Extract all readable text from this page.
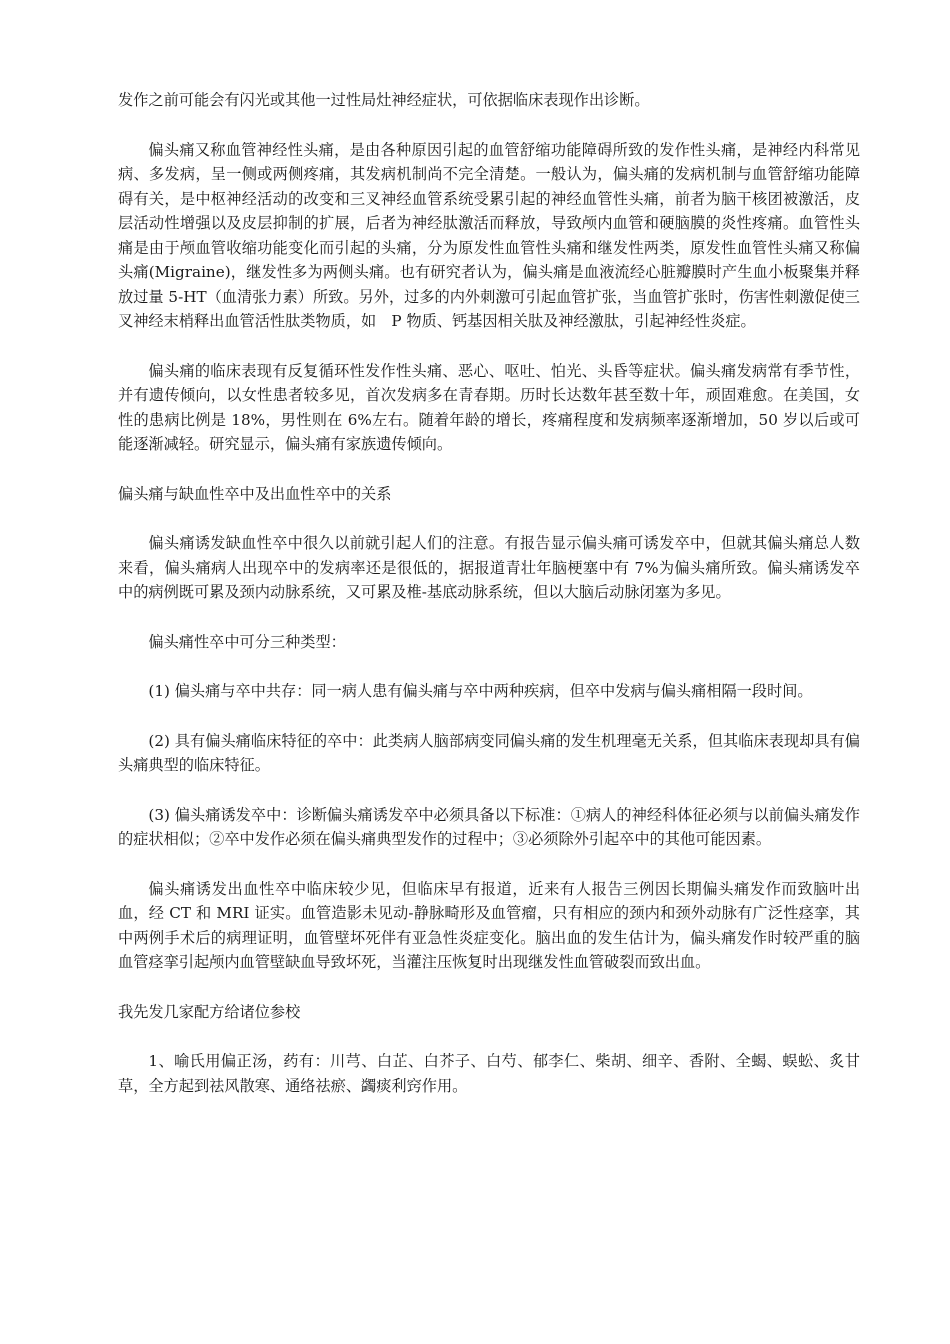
发作之前可能会有闪光或其他一过性局灶神经症状，可依据临床表现作出诊断。

偏头痛又称血管神经性头痛，是由各种原因引起的血管舒缩功能障碍所致的发作性头痛，是神经内科常见病、多发病，呈一侧或两侧疼痛，其发病机制尚不完全清楚。一般认为，偏头痛的发病机制与血管舒缩功能障碍有关，是中枢神经活动的改变和三叉神经血管系统受累引起的神经血管性头痛，前者为脑干核团被激活，皮层活动性增强以及皮层抑制的扩展，后者为神经肽激活而释放，导致颅内血管和硬脑膜的炎性疼痛。血管性头痛是由于颅血管收缩功能变化而引起的头痛，分为原发性血管性头痛和继发性两类，原发性血管性头痛又称偏头痛(Migraine)，继发性多为两侧头痛。也有研究者认为，偏头痛是血液流经心脏瓣膜时产生血小板聚集并释放过量 5-HT（血清张力素）所致。另外，过多的内外刺激可引起血管扩张，当血管扩张时，伤害性刺激促使三叉神经末梢释出血管活性肽类物质，如　P 物质、钙基因相关肽及神经激肽，引起神经性炎症。

偏头痛的临床表现有反复循环性发作性头痛、恶心、呕吐、怕光、头昏等症状。偏头痛发病常有季节性，并有遗传倾向，以女性患者较多见，首次发病多在青春期。历时长达数年甚至数十年，顽固难愈。在美国，女性的患病比例是 18%，男性则在 6%左右。随着年龄的增长，疼痛程度和发病频率逐渐增加，50 岁以后或可能逐渐减轻。研究显示，偏头痛有家族遗传倾向。

偏头痛与缺血性卒中及出血性卒中的关系

偏头痛诱发缺血性卒中很久以前就引起人们的注意。有报告显示偏头痛可诱发卒中，但就其偏头痛总人数来看，偏头痛病人出现卒中的发病率还是很低的，据报道青壮年脑梗塞中有 7%为偏头痛所致。偏头痛诱发卒中的病例既可累及颈内动脉系统，又可累及椎-基底动脉系统，但以大脑后动脉闭塞为多见。

偏头痛性卒中可分三种类型：

(1) 偏头痛与卒中共存：同一病人患有偏头痛与卒中两种疾病，但卒中发病与偏头痛相隔一段时间。

(2) 具有偏头痛临床特征的卒中：此类病人脑部病变同偏头痛的发生机理毫无关系，但其临床表现却具有偏头痛典型的临床特征。

(3) 偏头痛诱发卒中：诊断偏头痛诱发卒中必须具备以下标准：①病人的神经科体征必须与以前偏头痛发作的症状相似；②卒中发作必须在偏头痛典型发作的过程中；③必须除外引起卒中的其他可能因素。

偏头痛诱发出血性卒中临床较少见，但临床早有报道，近来有人报告三例因长期偏头痛发作而致脑叶出血，经 CT 和 MRI 证实。血管造影未见动-静脉畸形及血管瘤，只有相应的颈内和颈外动脉有广泛性痉挛，其中两例手术后的病理证明，血管壁坏死伴有亚急性炎症变化。脑出血的发生估计为，偏头痛发作时较严重的脑血管痉挛引起颅内血管壁缺血导致坏死，当灌注压恢复时出现继发性血管破裂而致出血。

我先发几家配方给诸位参校

1、喻氏用偏正汤，药有：川芎、白芷、白芥子、白芍、郁李仁、柴胡、细辛、香附、全蝎、蜈蚣、炙甘草，全方起到祛风散寒、通络祛瘀、蠲痰利窍作用。
